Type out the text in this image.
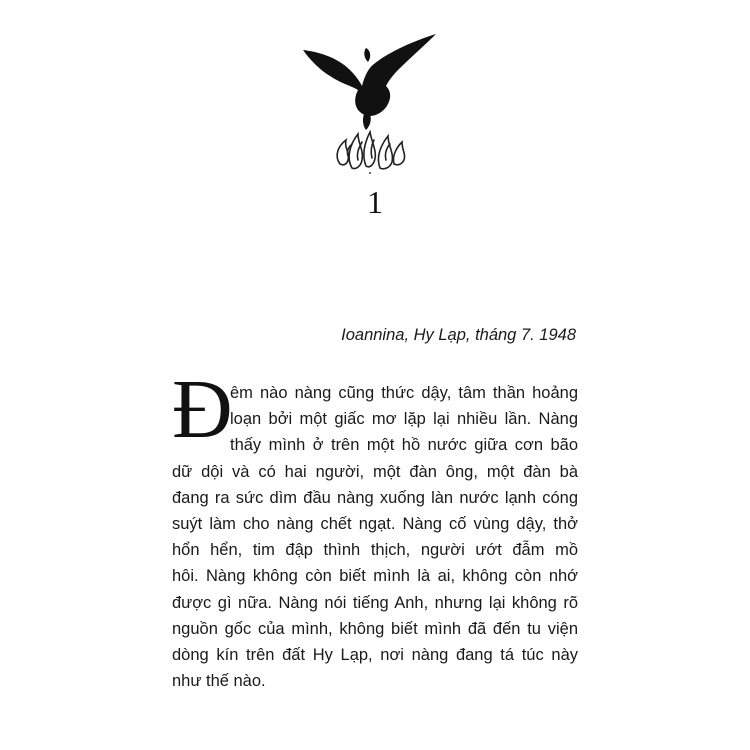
1
Ioannina, Hy Lạp, tháng 7. 1948
Đ
êm nào nàng cũng thức dậy, tâm thần hoảng
loạn bởi một giấc mơ lặp lại nhiều lần. Nàng
thấy mình ở trên một hồ nước giữa cơn bão
dữ dội và có hai người, một đàn ông, một đàn bà
đang ra sức dìm đầu nàng xuống làn nước lạnh cóng
suýt làm cho nàng chết ngạt. Nàng cố vùng dậy, thở
hổn hển, tim đập thình thịch, người ướt đẫm mồ
hôi. Nàng không còn biết mình là ai, không còn nhớ
được gì nữa. Nàng nói tiếng Anh, nhưng lại không rõ
nguồn gốc của mình, không biết mình đã đến tu viện
dòng kín trên đất Hy Lạp, nơi nàng đang tá túc này
như thế nào.
